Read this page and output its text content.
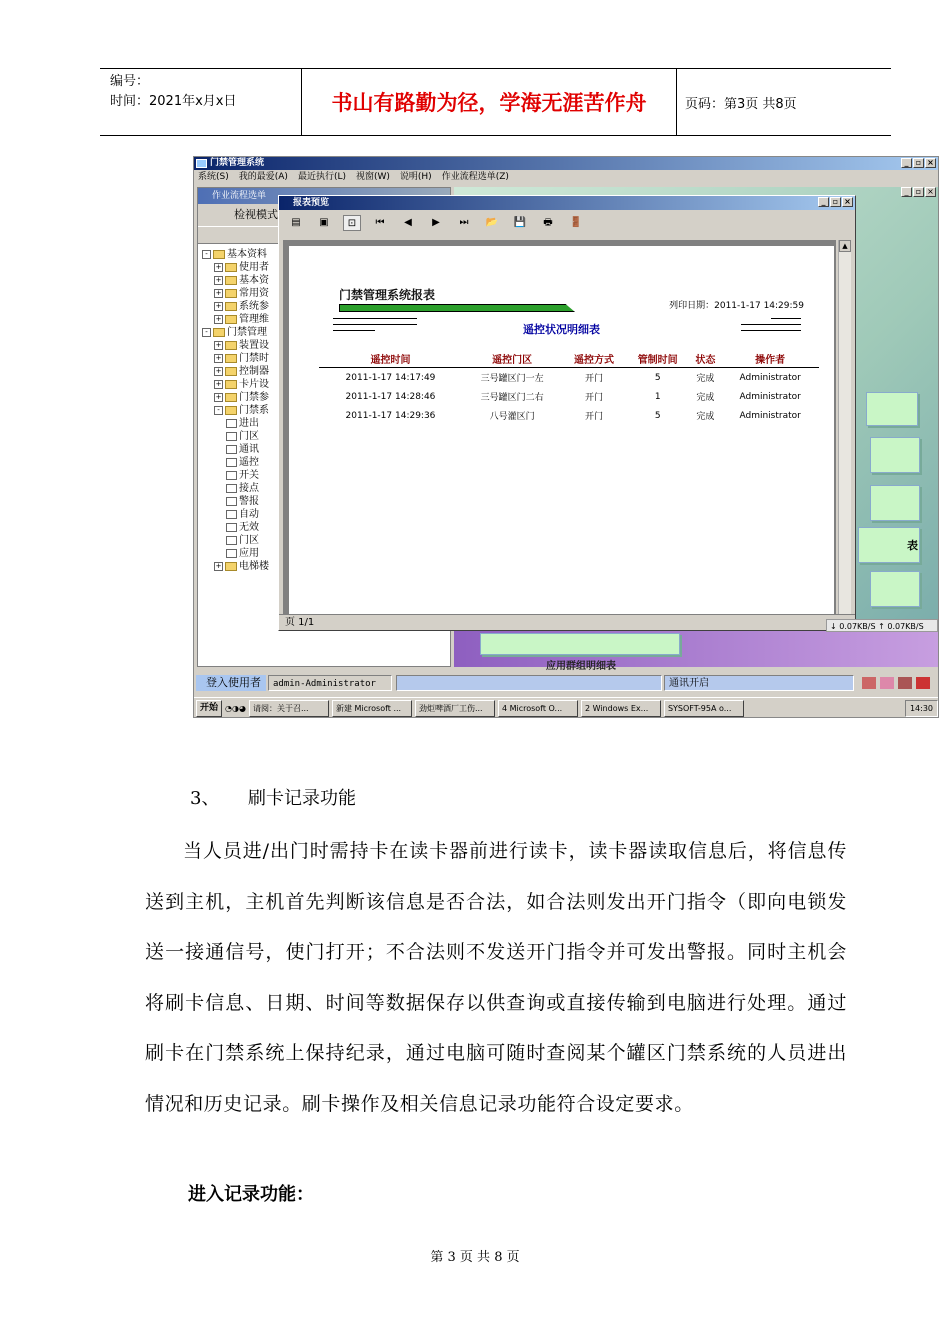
编号：
时间：2021年x月x日	书山有路勤为径，学海无涯苦作舟	页码：第3页 共8页
门禁管理系统	_ ▫ ×
系统(S) 我的最爱(A) 最近执行(L) 视窗(W) 说明(H) 作业流程选单(Z)
_ ▫ ×
表
应用群组明细表
作业流程选单
检视模式
- 基本资料
+ 使用者
+ 基本资
+ 常用资
+ 系统参
+ 管理维
- 门禁管理
+ 装置设
+ 门禁时
+ 控制器
+ 卡片设
+ 门禁参
- 门禁系
进出
门区
通讯
遥控
开关
接点
警报
自动
无效
门区
应用
+ 电梯楼
报表预览	_ ▫ ×
▤	▣	⊡	⏮	◀	▶	⏭	📂 💾	🖶	🚪
门禁管理系统报表
列印日期：2011-1-17 14:29:59
遥控状况明细表
遥控时间	遥控门区	遥控方式	管制时间	状态	操作者
2011-1-17 14:17:49	三号罐区门一左	开门	5	完成	Administrator
2011-1-17 14:28:46	三号罐区门二右	开门	1	完成	Administrator
2011-1-17 14:29:36	八号灌区门	开门	5	完成	Administrator
▲
页 1/1	↓ 0.07KB/S ↑ 0.07KB/S
登入使用者	admin-Administrator	通讯开启
开始 ◔◑◕ 请阅：关于召...	新建 Microsoft ...	劲炬啤酒厂工伤...	4 Microsoft O...	2 Windows Ex...	SYSOFT-95A o...	14:30
3、 刷卡记录功能
当人员进/出门时需持卡在读卡器前进行读卡，读卡器读取信息后，将信息传送到主机，主机首先判断该信息是否合法，如合法则发出开门指令（即向电锁发送一接通信号，使门打开；不合法则不发送开门指令并可发出警报。同时主机会将刷卡信息、日期、时间等数据保存以供查询或直接传输到电脑进行处理。通过刷卡在门禁系统上保持纪录，通过电脑可随时查阅某个罐区门禁系统的人员进出情况和历史记录。刷卡操作及相关信息记录功能符合设定要求。
进入记录功能：
第 3 页 共 8 页
